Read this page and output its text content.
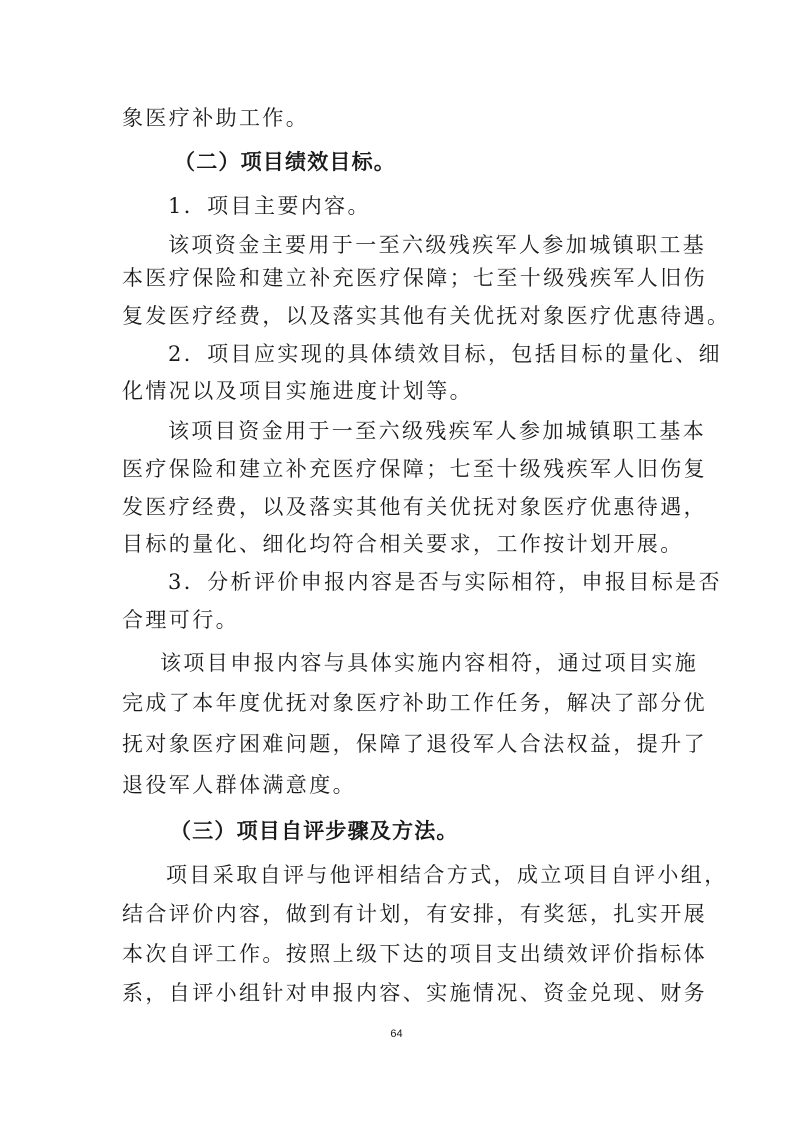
象医疗补助工作。
（二）项目绩效目标。
1．项目主要内容。
该项资金主要用于一至六级残疾军人参加城镇职工基
本医疗保险和建立补充医疗保障；七至十级残疾军人旧伤
复发医疗经费，以及落实其他有关优抚对象医疗优惠待遇。
2．项目应实现的具体绩效目标，包括目标的量化、细
化情况以及项目实施进度计划等。
该项目资金用于一至六级残疾军人参加城镇职工基本
医疗保险和建立补充医疗保障；七至十级残疾军人旧伤复
发医疗经费，以及落实其他有关优抚对象医疗优惠待遇，
目标的量化、细化均符合相关要求，工作按计划开展。
3．分析评价申报内容是否与实际相符，申报目标是否
合理可行。
该项目申报内容与具体实施内容相符，通过项目实施
完成了本年度优抚对象医疗补助工作任务，解决了部分优
抚对象医疗困难问题，保障了退役军人合法权益，提升了
退役军人群体满意度。
（三）项目自评步骤及方法。
项目采取自评与他评相结合方式，成立项目自评小组，
结合评价内容，做到有计划，有安排，有奖惩，扎实开展
本次自评工作。按照上级下达的项目支出绩效评价指标体
系，自评小组针对申报内容、实施情况、资金兑现、财务
64
